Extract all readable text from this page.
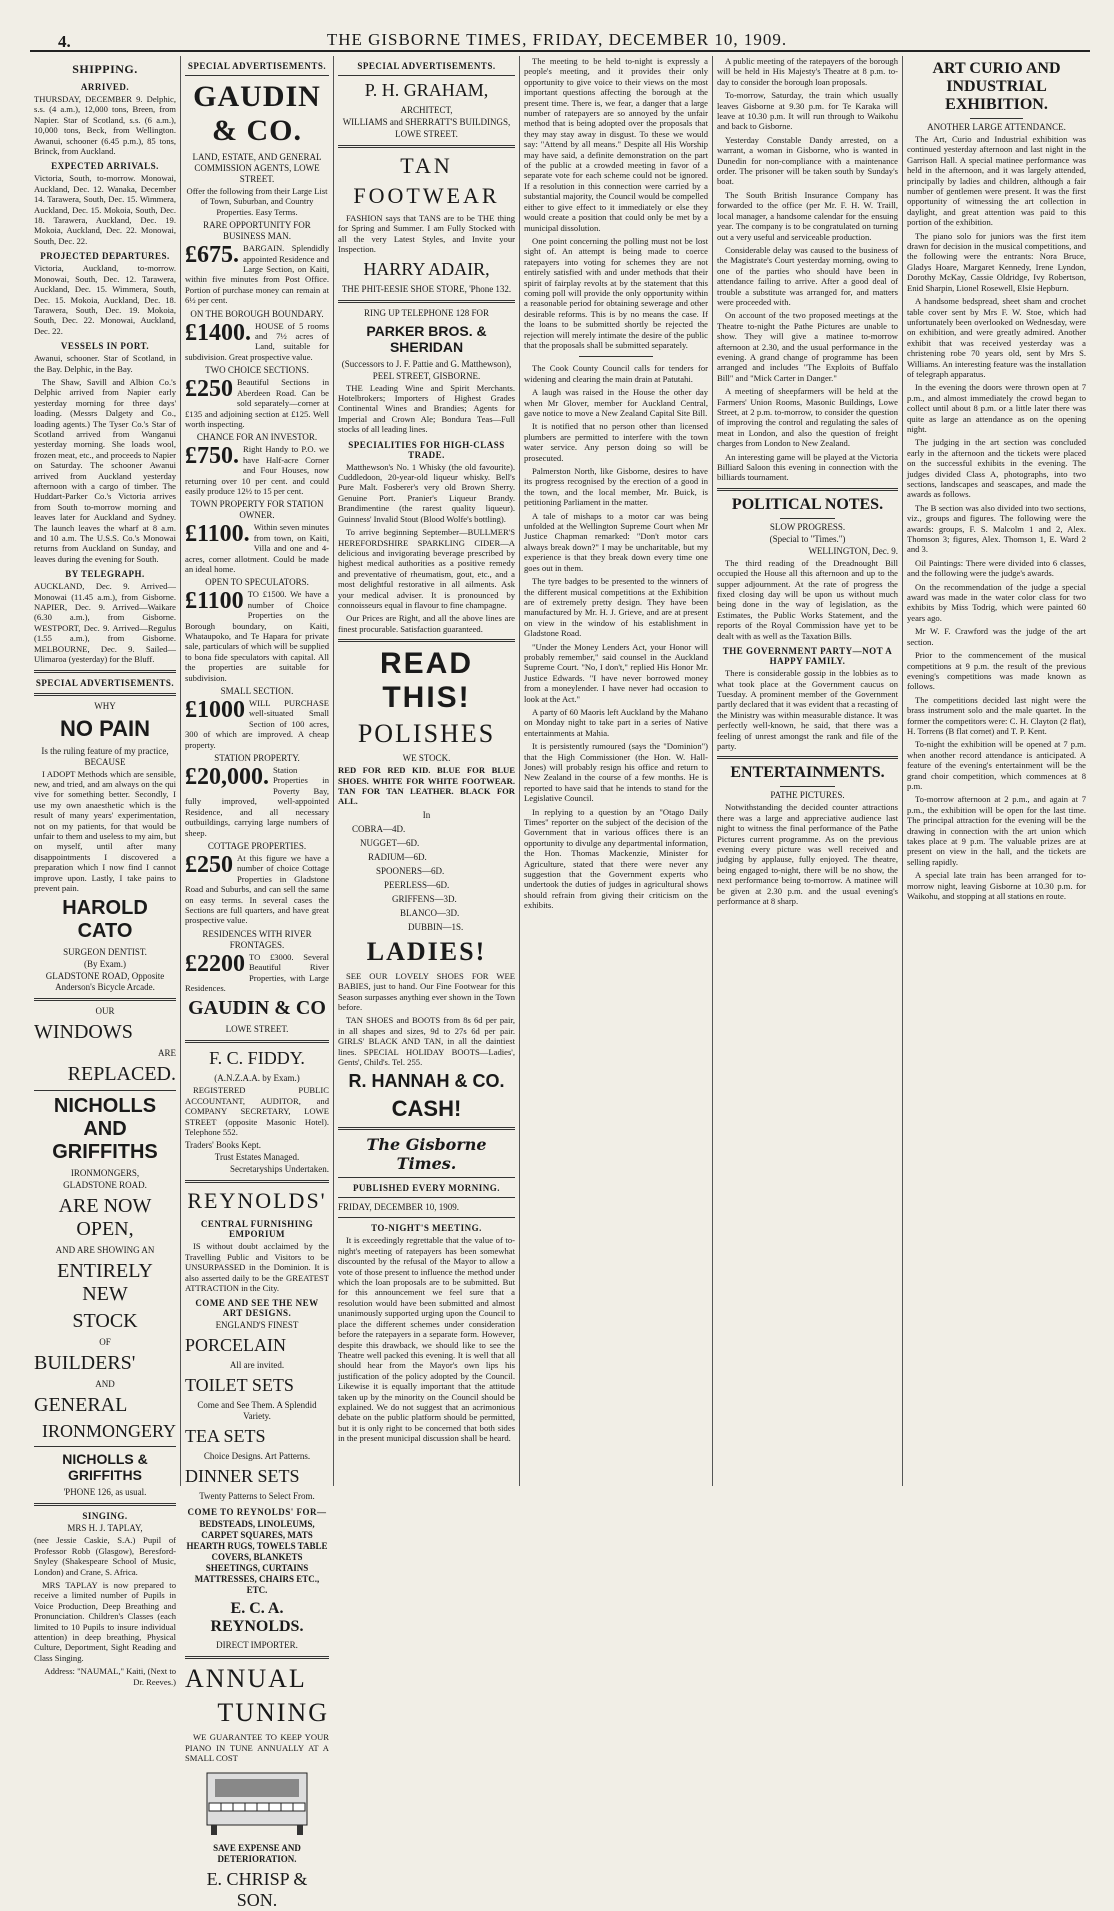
4.	THE GISBORNE TIMES, FRIDAY, DECEMBER 10, 1909.
SHIPPING.
ARRIVED.

THURSDAY, DECEMBER 9. Delphic, s.s. (4 a.m.), 12,000 tons, Breen, from Napier. Star of Scotland, s.s. (6 a.m.), 10,000 tons, Beck, from Wellington. Awanui, schooner (6.45 p.m.), 85 tons, Brinck, from Auckland.

EXPECTED ARRIVALS.

Victoria, South, to-morrow. Monowai, Auckland, Dec. 12. Wanaka, December 14. Tarawera, South, Dec. 15. Wimmera, Auckland, Dec. 15. Mokoia, South, Dec. 18. Tarawera, Auckland, Dec. 19. Mokoia, Auckland, Dec. 22. Monowai, South, Dec. 22.

PROJECTED DEPARTURES.

Victoria, Auckland, to-morrow. Monowai, South, Dec. 12. Tarawera, Auckland, Dec. 15. Wimmera, South, Dec. 15. Mokoia, Auckland, Dec. 18. Tarawera, South, Dec. 19. Mokoia, South, Dec. 22. Monowai, Auckland, Dec. 22.

VESSELS IN PORT.

Awanui, schooner. Star of Scotland, in the Bay. Delphic, in the Bay.

The Shaw, Savill and Albion Co.'s Delphic arrived from Napier early yesterday morning for three days' loading. (Messrs Dalgety and Co., loading agents.) The Tyser Co.'s Star of Scotland arrived from Wanganui yesterday morning. She loads wool, frozen meat, etc., and proceeds to Napier on Saturday. The schooner Awanui arrived from Auckland yesterday afternoon with a cargo of timber. The Huddart-Parker Co.'s Victoria arrives from South to-morrow morning and leaves later for Auckland and Sydney. The launch leaves the wharf at 8 a.m. and 10 a.m. The U.S.S. Co.'s Monowai returns from Auckland on Sunday, and leaves during the evening for South.

BY TELEGRAPH.

AUCKLAND, Dec. 9. Arrived—Monowai (11.45 a.m.), from Gisborne. NAPIER, Dec. 9. Arrived—Waikare (6.30 a.m.), from Gisborne. WESTPORT, Dec. 9. Arrived—Regulus (1.55 a.m.), from Gisborne. MELBOURNE, Dec. 9. Sailed—Ulimaroa (yesterday) for the Bluff.

SPECIAL ADVERTISEMENTS.
WHY
NO PAIN
Is the ruling feature of my practice, BECAUSE

I ADOPT Methods which are sensible, new, and tried, and am always on the qui vive for something better. Secondly, I use my own anaesthetic which is the result of many years' experimentation, not on my patients, for that would be unfair to them and useless to my aim, but on myself, until after many disappointments I discovered a preparation which I now find I cannot improve upon. Lastly, I take pains to prevent pain.

HAROLD CATO
SURGEON DENTIST.
(By Exam.)
GLADSTONE ROAD, Opposite Anderson's Bicycle Arcade.
OUR
WINDOWS
ARE
REPLACED.
NICHOLLS AND GRIFFITHS
IRONMONGERS,
GLADSTONE ROAD.
ARE NOW OPEN,
AND ARE SHOWING AN
ENTIRELY NEW
STOCK
OF
BUILDERS'
AND
GENERAL
IRONMONGERY
NICHOLLS & GRIFFITHS
'PHONE 126, as usual.
SINGING.
MRS H. J. TAPLAY,

(nee Jessie Caskie, S.A.) Pupil of Professor Robb (Glasgow), Beresford-Snyley (Shakespeare School of Music, London) and Crane, S. Africa.

MRS TAPLAY is now prepared to receive a limited number of Pupils in Voice Production, Deep Breathing and Pronunciation. Children's Classes (each limited to 10 Pupils to insure individual attention) in deep breathing, Physical Culture, Deportment, Sight Reading and Class Singing.

Address: "NAUMAL," Kaiti, (Next to Dr. Reeves.)

SPECIAL ADVERTISEMENTS.
GAUDIN & CO.
LAND, ESTATE, AND GENERAL COMMISSION AGENTS, LOWE STREET.

Offer the following from their Large List of Town, Suburban, and Country Properties. Easy Terms.

RARE OPPORTUNITY FOR BUSINESS MAN.

£675. BARGAIN. Splendidly appointed Residence and Large Section, on Kaiti, within five minutes from Post Office. Portion of purchase money can remain at 6½ per cent.

ON THE BOROUGH BOUNDARY.

£1400. HOUSE of 5 rooms and 7½ acres of Land, suitable for subdivision. Great prospective value.

TWO CHOICE SECTIONS.

£250 Beautiful Sections in Aberdeen Road. Can be sold separately—corner at £135 and adjoining section at £125. Well worth inspecting.

CHANCE FOR AN INVESTOR.

£750. Right Handy to P.O. we have Half-acre Corner and Four Houses, now returning over 10 per cent. and could easily produce 12½ to 15 per cent.

TOWN PROPERTY FOR STATION OWNER.

£1100. Within seven minutes from town, on Kaiti, Villa and one and 4-acres, corner allotment. Could be made an ideal home.

OPEN TO SPECULATORS.

£1100 TO £1500. We have a number of Choice Properties on the Borough boundary, on Kaiti, Whataupoko, and Te Hapara for private sale, particulars of which will be supplied to bona fide speculators with capital. All the properties are suitable for subdivision.

SMALL SECTION.

£1000 WILL PURCHASE well-situated Small Section of 100 acres, 300 of which are improved. A cheap property.

STATION PROPERTY.

£20,000. Station Properties in Poverty Bay, fully improved, well-appointed Residence, and all necessary outbuildings, carrying large numbers of sheep.

COTTAGE PROPERTIES.

£250 At this figure we have a number of choice Cottage Properties in Gladstone Road and Suburbs, and can sell the same on easy terms. In several cases the Sections are full quarters, and have great prospective value.

RESIDENCES WITH RIVER FRONTAGES.

£2200 TO £3000. Several Beautiful River Properties, with Large Residences.

GAUDIN & CO
LOWE STREET.
F. C. FIDDY.
(A.N.Z.A.A. by Exam.)

REGISTERED PUBLIC ACCOUNTANT, AUDITOR, and COMPANY SECRETARY, LOWE STREET (opposite Masonic Hotel). Telephone 552.

Traders' Books Kept.
Trust Estates Managed.
Secretaryships Undertaken.
REYNOLDS'
CENTRAL FURNISHING EMPORIUM

IS without doubt acclaimed by the Travelling Public and Visitors to be UNSURPASSED in the Dominion. It is also asserted daily to be the GREATEST ATTRACTION in the City.

COME AND SEE THE NEW ART DESIGNS.
ENGLAND'S FINEST
PORCELAIN
All are invited.
TOILET SETS
Come and See Them. A Splendid Variety.
TEA SETS
Choice Designs. Art Patterns.
DINNER SETS
Twenty Patterns to Select From.
COME TO REYNOLDS' FOR—
BEDSTEADS, LINOLEUMS, CARPET SQUARES, MATS HEARTH RUGS, TOWELS TABLE COVERS, BLANKETS SHEETINGS, CURTAINS MATTRESSES, CHAIRS ETC., ETC.
E. C. A. REYNOLDS.
DIRECT IMPORTER.
ANNUAL
TUNING

WE GUARANTEE TO KEEP YOUR PIANO IN TUNE ANNUALLY AT A SMALL COST

SAVE EXPENSE AND DETERIORATION.
E. CHRISP & SON.
SPECIAL ADVERTISEMENTS.
P. H. GRAHAM,
ARCHITECT,
WILLIAMS and SHERRATT'S BUILDINGS,
LOWE STREET.
TAN
FOOTWEAR

FASHION says that TANS are to be THE thing for Spring and Summer. I am Fully Stocked with all the very Latest Styles, and Invite your Inspection.

HARRY ADAIR,
THE PHIT-EESIE SHOE STORE, 'Phone 132.
RING UP TELEPHONE 128 FOR
PARKER BROS. & SHERIDAN
(Successors to J. F. Pattie and G. Matthewson),
PEEL STREET, GISBORNE.

THE Leading Wine and Spirit Merchants. Hotelbrokers; Importers of Highest Grades Continental Wines and Brandies; Agents for Imperial and Crown Ale; Bondura Teas—Full stocks of all leading lines.

SPECIALITIES FOR HIGH-CLASS TRADE.

Matthewson's No. 1 Whisky (the old favourite). Cuddledoon, 20-year-old liqueur whisky. Bell's Pure Malt. Fosberer's very old Brown Sherry. Genuine Port. Pranier's Liqueur Brandy. Brandimentine (the rarest quality liqueur). Guinness' Invalid Stout (Blood Wolfe's bottling).

To arrive beginning September—BULLMER'S HEREFORDSHIRE SPARKLING CIDER—A delicious and invigorating beverage prescribed by highest medical authorities as a positive remedy and preventative of rheumatism, gout, etc., and a most delightful restorative in all ailments. Ask your medical adviser. It is pronounced by connoisseurs equal in flavour to fine champagne.

Our Prices are Right, and all the above lines are finest procurable. Satisfaction guaranteed.

READ THIS!
POLISHES
WE STOCK.

RED FOR RED KID. BLUE FOR BLUE SHOES. WHITE FOR WHITE FOOTWEAR. TAN FOR TAN LEATHER. BLACK FOR ALL.

In
COBRA—4D.
NUGGET—6D.
RADIUM—6D.
SPOONERS—6D.
PEERLESS—6D.
GRIFFENS—3D.
BLANCO—3D.
DUBBIN—1S.
LADIES!

SEE OUR LOVELY SHOES FOR WEE BABIES, just to hand. Our Fine Footwear for this Season surpasses anything ever shown in the Town before.

TAN SHOES and BOOTS from 8s 6d per pair, in all shapes and sizes, 9d to 27s 6d per pair. GIRLS' BLACK AND TAN, in all the daintiest lines. SPECIAL HOLIDAY BOOTS—Ladies', Gents', Child's. Tel. 255.

R. HANNAH & CO.
CASH!
The Gisborne Times.
PUBLISHED EVERY MORNING.
FRIDAY, DECEMBER 10, 1909.
TO-NIGHT'S MEETING.

It is exceedingly regrettable that the value of to-night's meeting of ratepayers has been somewhat discounted by the refusal of the Mayor to allow a vote of those present to influence the method under which the loan proposals are to be submitted. But for this announcement we feel sure that a resolution would have been submitted and almost unanimously supported urging upon the Council to place the different schemes under consideration before the ratepayers in a separate form. However, despite this drawback, we should like to see the Theatre well packed this evening. It is well that all should hear from the Mayor's own lips his justification of the policy adopted by the Council. Likewise it is equally important that the attitude taken up by the minority on the Council should be explained. We do not suggest that an acrimonious debate on the public platform should be permitted, but it is only right to be concerned that both sides in the present municipal discussion shall be heard.

The meeting to be held to-night is expressly a people's meeting, and it provides their only opportunity to give voice to their views on the most important questions affecting the borough at the present time. There is, we fear, a danger that a large number of ratepayers are so annoyed by the unfair method that is being adopted over the proposals that they may stay away in disgust. To these we would say: "Attend by all means." Despite all His Worship may have said, a definite demonstration on the part of the public at a crowded meeting in favor of a separate vote for each scheme could not be ignored. If a resolution in this connection were carried by a substantial majority, the Council would be compelled either to give effect to it immediately or else they would create a position that could only be met by a municipal dissolution.

One point concerning the polling must not be lost sight of. An attempt is being made to coerce ratepayers into voting for schemes they are not entirely satisfied with and under methods that their spirit of fairplay revolts at by the statement that this coming poll will provide the only opportunity within a reasonable period for obtaining sewerage and other desirable reforms. This is by no means the case. If the loans to be submitted shortly be rejected the rejection will merely intimate the desire of the public that the proposals shall be submitted separately.

The Cook County Council calls for tenders for widening and clearing the main drain at Patutahi.

A laugh was raised in the House the other day when Mr Glover, member for Auckland Central, gave notice to move a New Zealand Capital Site Bill.

It is notified that no person other than licensed plumbers are permitted to interfere with the town water service. Any person doing so will be prosecuted.

Palmerston North, like Gisborne, desires to have its progress recognised by the erection of a good in the town, and the local member, Mr. Buick, is petitioning Parliament in the matter.

A tale of mishaps to a motor car was being unfolded at the Wellington Supreme Court when Mr Justice Chapman remarked: "Don't motor cars always break down?" I may be uncharitable, but my experience is that they break down every time one goes out in them.

The tyre badges to be presented to the winners of the different musical competitions at the Exhibition are of extremely pretty design. They have been manufactured by Mr. H. J. Grieve, and are at present on view in the window of his establishment in Gladstone Road.

"Under the Money Lenders Act, your Honor will probably remember," said counsel in the Auckland Supreme Court. "No, I don't," replied His Honor Mr. Justice Edwards. "I have never borrowed money from a moneylender. I have never had occasion to look at the Act."

A party of 60 Maoris left Auckland by the Mahano on Monday night to take part in a series of Native entertainments at Mahia.

It is persistently rumoured (says the "Dominion") that the High Commissioner (the Hon. W. Hall-Jones) will probably resign his office and return to New Zealand in the course of a few months. He is reported to have said that he intends to stand for the Legislative Council.

In replying to a question by an "Otago Daily Times" reporter on the subject of the decision of the Government that in various offices there is an opportunity to divulge any departmental information, the Hon. Thomas Mackenzie, Minister for Agriculture, stated that there were never any suggestion that the Government experts who undertook the duties of judges in agricultural shows should refrain from giving their criticism on the exhibits.

A public meeting of the ratepayers of the borough will be held in His Majesty's Theatre at 8 p.m. to-day to consider the borough loan proposals.

To-morrow, Saturday, the train which usually leaves Gisborne at 9.30 p.m. for Te Karaka will leave at 10.30 p.m. It will run through to Waikohu and back to Gisborne.

Yesterday Constable Dandy arrested, on a warrant, a woman in Gisborne, who is wanted in Dunedin for non-compliance with a maintenance order. The prisoner will be taken south by Sunday's boat.

The South British Insurance Company has forwarded to the office (per Mr. F. H. W. Traill, local manager, a handsome calendar for the ensuing year. The company is to be congratulated on turning out a very useful and serviceable production.

Considerable delay was caused to the business of the Magistrate's Court yesterday morning, owing to one of the parties who should have been in attendance failing to arrive. After a good deal of trouble a substitute was arranged for, and matters were proceeded with.

On account of the two proposed meetings at the Theatre to-night the Pathe Pictures are unable to show. They will give a matinee to-morrow afternoon at 2.30, and the usual performance in the evening. A grand change of programme has been arranged and includes "The Exploits of Buffalo Bill" and "Mick Carter in Danger."

A meeting of sheepfarmers will be held at the Farmers' Union Rooms, Masonic Buildings, Lowe Street, at 2 p.m. to-morrow, to consider the question of improving the control and regulating the sales of meat in London, and also the question of freight charges from London to New Zealand.

An interesting game will be played at the Victoria Billiard Saloon this evening in connection with the billiards tournament.

POLITICAL NOTES.
SLOW PROGRESS.
(Special to "Times.")
WELLINGTON, Dec. 9.

The third reading of the Dreadnought Bill occupied the House all this afternoon and up to the supper adjournment. At the rate of progress the fixed closing day will be upon us without much being done in the way of legislation, as the Estimates, the Public Works Statement, and the reports of the Royal Commission have yet to be dealt with as well as the Taxation Bills.

THE GOVERNMENT PARTY—NOT A HAPPY FAMILY.

There is considerable gossip in the lobbies as to what took place at the Government caucus on Tuesday. A prominent member of the Government partly declared that it was evident that a recasting of the Ministry was within measurable distance. It was perfectly well-known, he said, that there was a feeling of unrest amongst the rank and file of the party.

ENTERTAINMENTS.
PATHE PICTURES.

Notwithstanding the decided counter attractions there was a large and appreciative audience last night to witness the final performance of the Pathe Pictures current programme. As on the previous evening every picture was well received and judging by applause, fully enjoyed. The theatre, being engaged to-night, there will be no show, the next performance being to-morrow. A matinee will be given at 2.30 p.m. and the usual evening's performance at 8 sharp.

ART CURIO AND INDUSTRIAL EXHIBITION.
ANOTHER LARGE ATTENDANCE.

The Art, Curio and Industrial exhibition was continued yesterday afternoon and last night in the Garrison Hall. A special matinee performance was held in the afternoon, and it was largely attended, principally by ladies and children, although a fair number of gentlemen were present. It was the first opportunity of witnessing the art collection in daylight, and great attention was paid to this portion of the exhibition.

The piano solo for juniors was the first item drawn for decision in the musical competitions, and the following were the entrants: Nora Bruce, Gladys Hoare, Margaret Kennedy, Irene Lyndon, Dorothy McKay, Cassie Oldridge, Ivy Robertson, Enid Sharpin, Lionel Rosewell, Elsie Hepburn.

A handsome bedspread, sheet sham and crochet table cover sent by Mrs F. W. Stoe, which had unfortunately been overlooked on Wednesday, were on exhibition, and were greatly admired. Another exhibit that was received yesterday was a christening robe 70 years old, sent by Mrs S. Williams. An interesting feature was the installation of telegraph apparatus.

In the evening the doors were thrown open at 7 p.m., and almost immediately the crowd began to collect until about 8 p.m. or a little later there was quite as large an attendance as on the opening night.

The judging in the art section was concluded early in the afternoon and the tickets were placed on the successful exhibits in the evening. The judges divided Class A, photographs, into two sections, landscapes and seascapes, and made the awards as follows.

The B section was also divided into two sections, viz., groups and figures. The following were the awards: groups, F. S. Malcolm 1 and 2, Alex. Thomson 3; figures, Alex. Thomson 1, E. Ward 2 and 3.

Oil Paintings: There were divided into 6 classes, and the following were the judge's awards.

On the recommendation of the judge a special award was made in the water color class for two exhibits by Miss Todrig, which were painted 60 years ago.

Mr W. F. Crawford was the judge of the art section.

Prior to the commencement of the musical competitions at 9 p.m. the result of the previous evening's competitions was made known as follows.

The competitions decided last night were the brass instrument solo and the male quartet. In the former the competitors were: C. H. Clayton (2 flat), H. Torrens (B flat cornet) and T. P. Kent.

To-night the exhibition will be opened at 7 p.m. when another record attendance is anticipated. A feature of the evening's entertainment will be the grand choir competition, which commences at 8 p.m.

To-morrow afternoon at 2 p.m., and again at 7 p.m., the exhibition will be open for the last time. The principal attraction for the evening will be the drawing in connection with the art union which takes place at 9 p.m. The valuable prizes are at present on view in the hall, and the tickets are selling rapidly.

A special late train has been arranged for to-morrow night, leaving Gisborne at 10.30 p.m. for Waikohu, and stopping at all stations en route.
